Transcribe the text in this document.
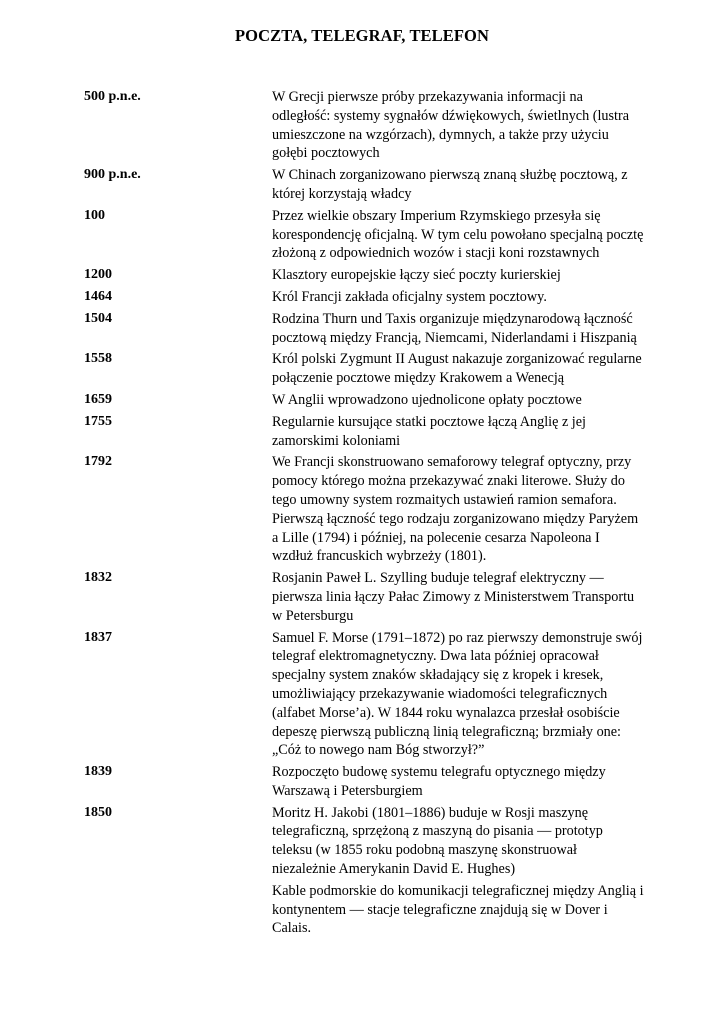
POCZTA, TELEGRAF, TELEFON
500 p.n.e.	W Grecji pierwsze próby przekazywania informacji na odległość: systemy sygnałów dźwiękowych, świetlnych (lustra umieszczone na wzgórzach), dymnych, a także przy użyciu gołębi pocztowych
900 p.n.e.	W Chinach zorganizowano pierwszą znaną służbę pocztową, z której korzystają władcy
100	Przez wielkie obszary Imperium Rzymskiego przesyła się korespondencję oficjalną. W tym celu powołano specjalną pocztę złożoną z odpowiednich wozów i stacji koni rozstawnych
1200	Klasztory europejskie łączy sieć poczty kurierskiej
1464	Król Francji zakłada oficjalny system pocztowy.
1504	Rodzina Thurn und Taxis organizuje międzynarodową łączność pocztową między Francją, Niemcami, Niderlandami i Hiszpanią
1558	Król polski Zygmunt II August nakazuje zorganizować regularne połączenie pocztowe między Krakowem a Wenecją
1659	W Anglii wprowadzono ujednolicone opłaty pocztowe
1755	Regularnie kursujące statki pocztowe łączą Anglię z jej zamorskimi koloniami
1792	We Francji skonstruowano semaforowy telegraf optyczny, przy pomocy którego można przekazywać znaki literowe. Służy do tego umowny system rozmaitych ustawień ramion semafora. Pierwszą łączność tego rodzaju zorganizowano między Paryżem a Lille (1794) i później, na polecenie cesarza Napoleona I wzdłuż francuskich wybrzeży (1801).
1832	Rosjanin Paweł L. Szylling buduje telegraf elektryczny — pierwsza linia łączy Pałac Zimowy z Ministerstwem Transportu w Petersburgu
1837	Samuel F. Morse (1791–1872) po raz pierwszy demonstruje swój telegraf elektromagnetyczny. Dwa lata później opracował specjalny system znaków składający się z kropek i kresek, umożliwiający przekazywanie wiadomości telegraficznych (alfabet Morse’a). W 1844 roku wynalazca przesłał osobiście depeszę pierwszą publiczną linią telegraficzną; brzmiały one: „Cóż to nowego nam Bóg stworzył?”
1839	Rozpoczęto budowę systemu telegrafu optycznego między Warszawą i Petersburgiem
1850	Moritz H. Jakobi (1801–1886) buduje w Rosji maszynę telegraficzną, sprzężoną z maszyną do pisania — prototyp teleksu (w 1855 roku podobną maszynę skonstruował niezależnie Amerykanin David E. Hughes)
Kable podmorskie do komunikacji telegraficznej między Anglią i kontynentem — stacje telegraficzne znajdują się w Dover i Calais.
